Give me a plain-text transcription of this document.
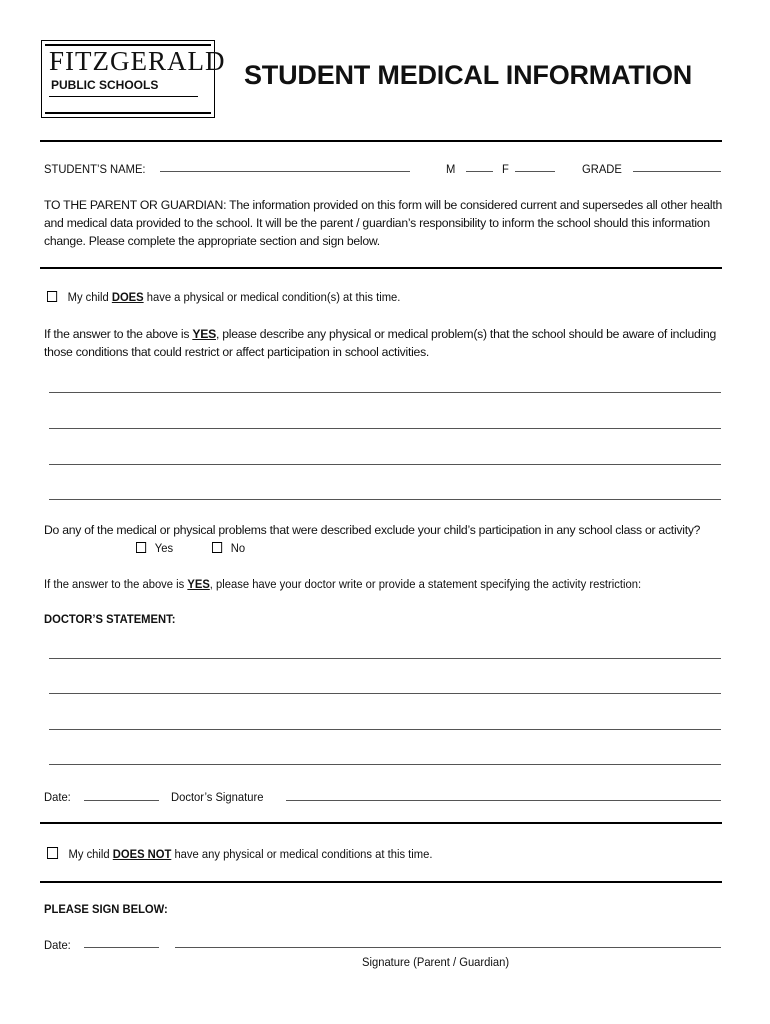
FITZGERALD
PUBLIC SCHOOLS	STUDENT MEDICAL INFORMATION
STUDENT’S NAME:	M	F	GRADE
TO THE PARENT OR GUARDIAN: The information provided on this form will be considered current and supersedes all other health and medical data provided to the school. It will be the parent / guardian’s responsibility to inform the school should this information change. Please complete the appropriate section and sign below.
My child DOES have a physical or medical condition(s) at this time.
If the answer to the above is YES, please describe any physical or medical problem(s) that the school should be aware of including those conditions that could restrict or affect participation in school activities.
Do any of the medical or physical problems that were described exclude your child’s participation in any school class or activity?
Yes	No
If the answer to the above is YES, please have your doctor write or provide a statement specifying the activity restriction:
DOCTOR’S STATEMENT:
Date:	Doctor’s Signature
My child DOES NOT have any physical or medical conditions at this time.
PLEASE SIGN BELOW:
Date:
Signature (Parent / Guardian)
